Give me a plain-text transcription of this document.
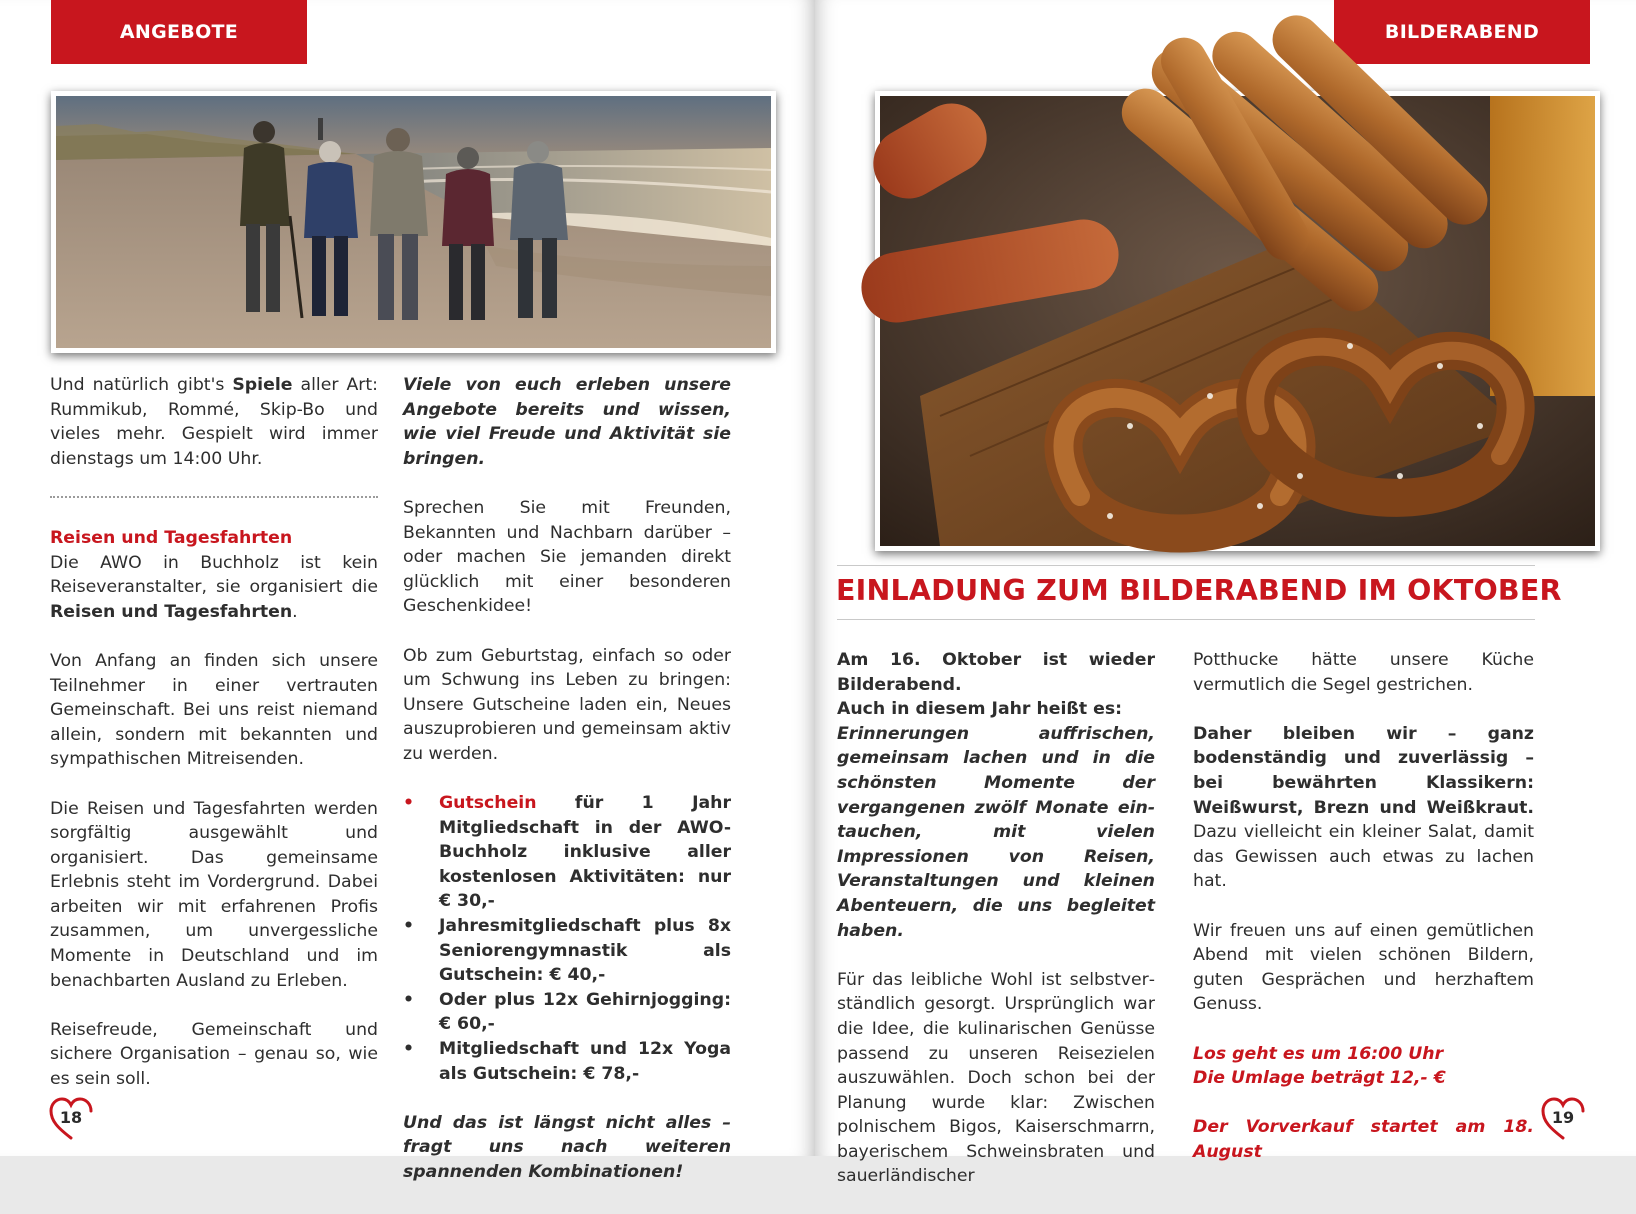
ANGEBOTE

Und natürlich gibt's Spiele aller Art: Rummikub, Rommé, Skip-Bo und vieles mehr. Gespielt wird immer dienstags um 14:00 Uhr.

Reisen und Tagesfahrten

Die AWO in Buchholz ist kein Reiseveranstalter, sie organisiert die Reisen und Tagesfahrten.

Von Anfang an finden sich unsere Teilnehmer in einer vertrauten Gemeinschaft. Bei uns reist niemand allein, sondern mit bekannten und sympathischen Mitreisenden.

Die Reisen und Tagesfahrten werden sorgfältig ausgewählt und organisiert. Das gemeinsame Erlebnis steht im Vordergrund. Dabei arbeiten wir mit erfahrenen Profis zusammen, um unvergessliche Momente in Deutschland und im benachbarten Ausland zu Erleben.

Reisefreude, Gemeinschaft und sichere Organisation – genau so, wie es sein soll.

Viele von euch erleben unsere Angebote bereits und wissen, wie viel Freude und Aktivität sie bringen.

Sprechen Sie mit Freunden, Bekannten und Nachbarn darüber – oder machen Sie jemanden direkt glücklich mit einer besonderen Geschenkidee!

Ob zum Geburtstag, einfach so oder um Schwung ins Leben zu bringen: Unsere Gutscheine laden ein, Neues auszuprobieren und gemeinsam aktiv zu werden.

• Gutschein für 1 Jahr Mitgliedschaft in der AWO-Buchholz inklusive aller kostenlosen Aktivitäten: nur € 30,-
• Jahresmitgliedschaft plus 8x Seniorengymnastik als Gutschein: € 40,-
• Oder plus 12x Gehirnjogging: € 60,-
• Mitgliedschaft und 12x Yoga als Gutschein: € 78,-

Und das ist längst nicht alles – fragt uns nach weiteren spannenden Kombinationen!

18
BILDERABEND
EINLADUNG ZUM BILDERABEND IM OKTOBER
Am 16. Oktober ist wieder Bilderabend.
Auch in diesem Jahr heißt es:

Erinnerungen auffrischen, gemeinsam lachen und in die schönsten Momente der vergangenen zwölf Monate eintauchen, mit vielen Impressionen von Reisen, Veranstaltungen und kleinen Abenteuern, die uns begleitet haben.

Für das leibliche Wohl ist selbstverständlich gesorgt. Ursprünglich war die Idee, die kulinarischen Genüsse passend zu unseren Reisezielen auszuwählen. Doch schon bei der Planung wurde klar: Zwischen polnischem Bigos, Kaiserschmarrn, bayerischem Schweinsbraten und sauerländischer

Potthucke hätte unsere Küche vermutlich die Segel gestrichen.

Daher bleiben wir – ganz bodenständig und zuverlässig – bei bewährten Klassikern: Weißwurst, Brezn und Weißkraut. Dazu vielleicht ein kleiner Salat, damit das Gewissen auch etwas zu lachen hat.

Wir freuen uns auf einen gemütlichen Abend mit vielen schönen Bildern, guten Gesprächen und herzhaftem Genuss.

Los geht es um 16:00 Uhr

Die Umlage beträgt 12,- €

Der Vorverkauf startet am 18. August
19
